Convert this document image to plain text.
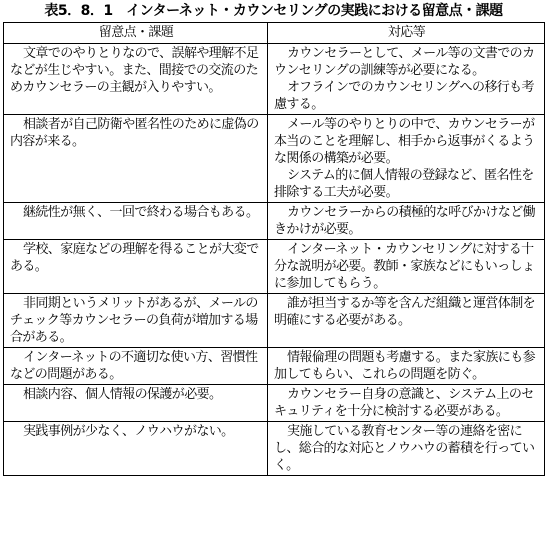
表5．8．1　インターネット・カウンセリングの実践における留意点・課題
留意点・課題	対応等

文章でのやりとりなので、誤解や理解不足などが生じやすい。また、間接での交流のためカウンセラーの主観が入りやすい。	カウンセラーとして、メール等の文書でのカウンセリングの訓練等が必要になる。
オフラインでのカウンセリングへの移行も考慮する。

相談者が自己防衛や匿名性のために虚偽の内容が来る。	メール等のやりとりの中で、カウンセラーが本当のことを理解し、相手から返事がくるような関係の構築が必要。
システム的に個人情報の登録など、匿名性を排除する工夫が必要。

継続性が無く、一回で終わる場合もある。	カウンセラーからの積極的な呼びかけなど働きかけが必要。

学校、家庭などの理解を得ることが大変である。	インターネット・カウンセリングに対する十分な説明が必要。教師・家族などにもいっしょに参加してもらう。

非同期というメリットがあるが、メールのチェック等カウンセラーの負荷が増加する場合がある。	誰が担当するか等を含んだ組織と運営体制を明確にする必要がある。

インターネットの不適切な使い方、習慣性などの問題がある。	情報倫理の問題も考慮する。また家族にも参加してもらい、これらの問題を防ぐ。

相談内容、個人情報の保護が必要。	カウンセラー自身の意識と、システム上のセキュリティを十分に検討する必要がある。

実践事例が少なく、ノウハウがない。	実施している教育センター等の連絡を密にし、総合的な対応とノウハウの蓄積を行っていく。
